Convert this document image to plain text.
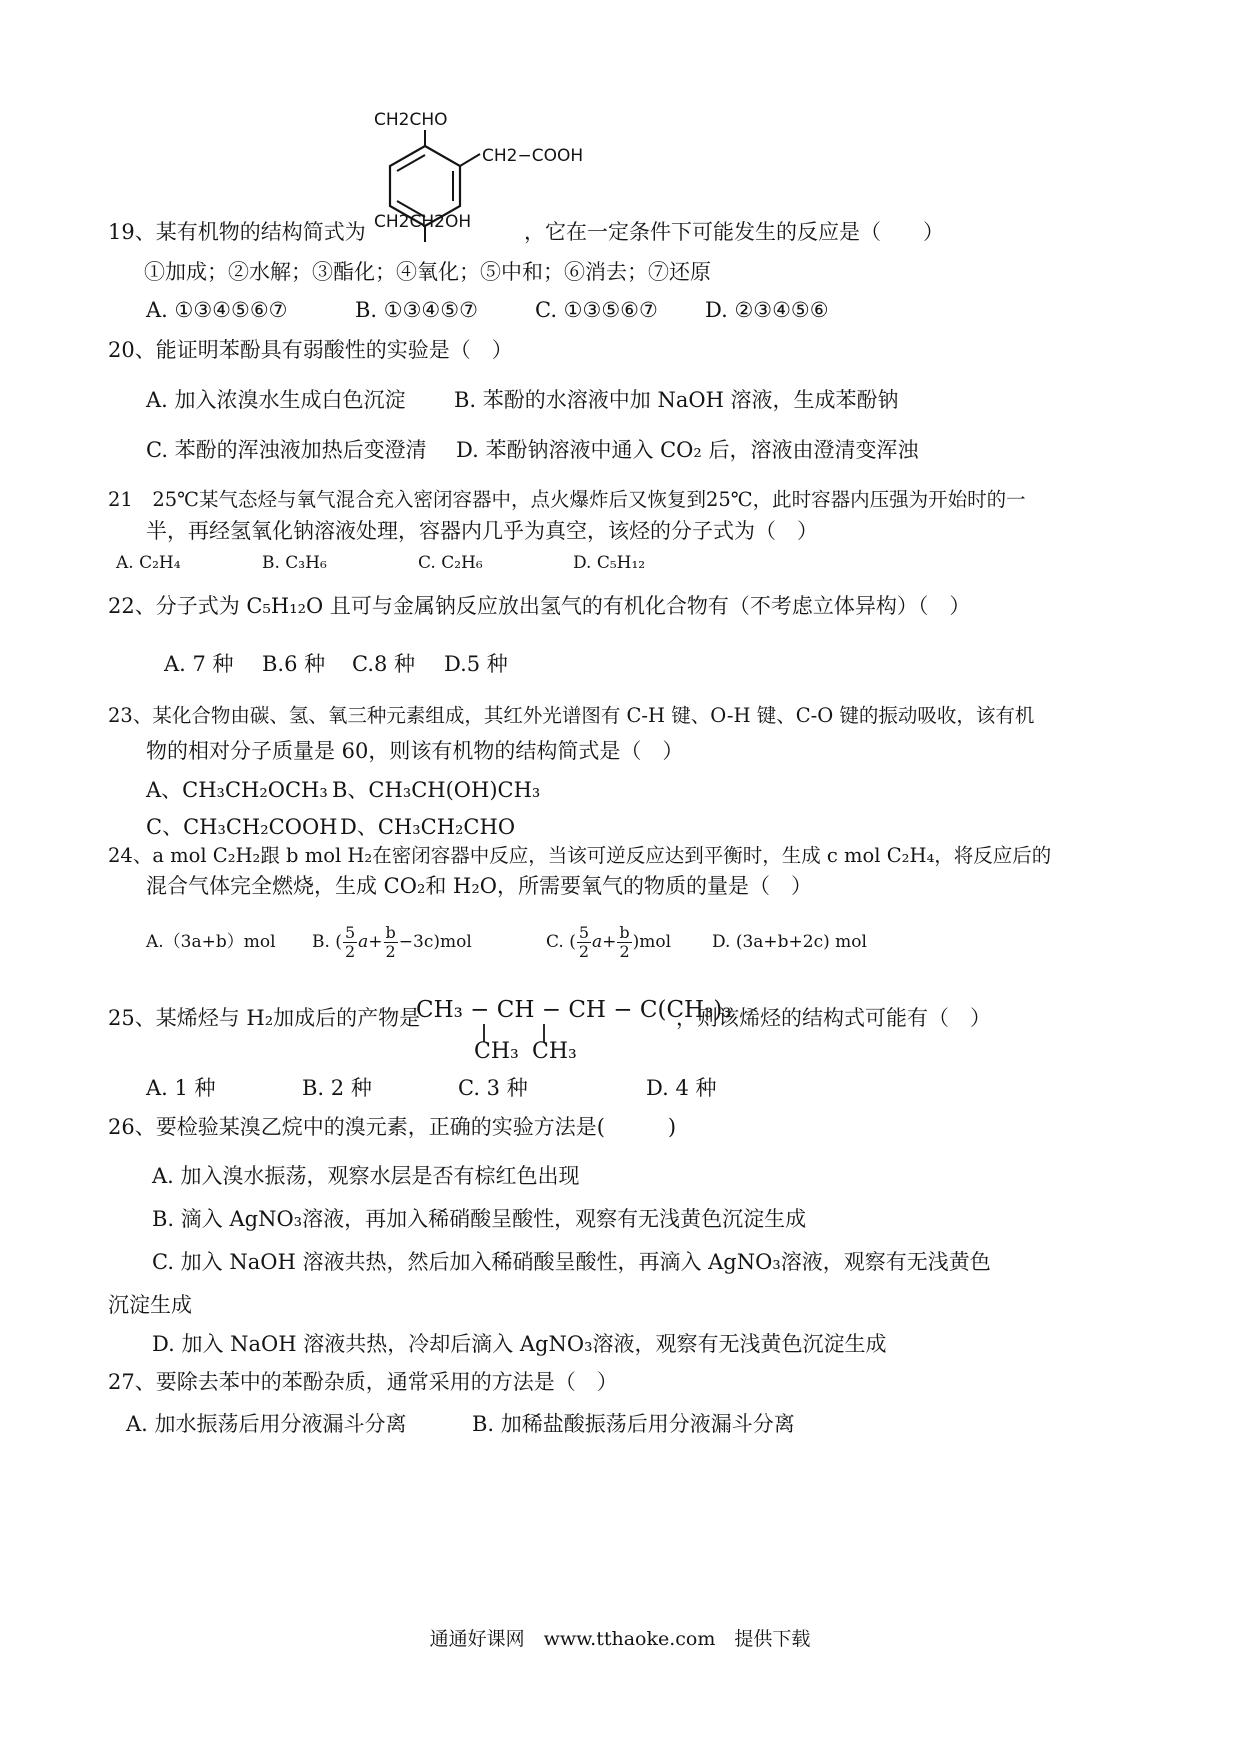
CH2CHO
CH2−COOH
CH2CH2OH
19、某有机物的结构简式为	，它在一定条件下可能发生的反应是（　　）
①加成；②水解；③酯化；④氧化；⑤中和；⑥消去；⑦还原
A. ①③④⑤⑥⑦	B. ①③④⑤⑦	C. ①③⑤⑥⑦ D. ②③④⑤⑥
20、能证明苯酚具有弱酸性的实验是（　）
A. 加入浓溴水生成白色沉淀 B. 苯酚的水溶液中加 NaOH 溶液，生成苯酚钠
C. 苯酚的浑浊液加热后变澄清 D. 苯酚钠溶液中通入 CO₂ 后，溶液由澄清变浑浊
21　25℃某气态烃与氧气混合充入密闭容器中，点火爆炸后又恢复到25℃，此时容器内压强为开始时的一
半，再经氢氧化钠溶液处理，容器内几乎为真空，该烃的分子式为（　）
A. C₂H₄	B. C₃H₆	C. C₂H₆	D. C₅H₁₂
22、分子式为 C₅H₁₂O 且可与金属钠反应放出氢气的有机化合物有（不考虑立体异构）（　）
A. 7 种 B.6 种 C.8 种 D.5 种
23、某化合物由碳、氢、氧三种元素组成，其红外光谱图有 C-H 键、O-H 键、C-O 键的振动吸收，该有机
物的相对分子质量是 60，则该有机物的结构简式是（　）
A、CH₃CH₂OCH₃ B、CH₃CH(OH)CH₃
C、CH₃CH₂COOH D、CH₃CH₂CHO
24、a mol C₂H₂跟 b mol H₂在密闭容器中反应，当该可逆反应达到平衡时，生成 c mol C₂H₄，将反应后的
混合气体完全燃烧，生成 CO₂和 H₂O，所需要氧气的物质的量是（　）
A.（3a+b）mol B. ( $\frac{5}{2} a+ \frac{b}{2} -3c)mol$	C. ( $\frac{5}{2} a+ \frac{b}{2} )mol$ D. (3a+b+2c) mol
25、某烯烃与 H₂加成后的产物是
CH₃ − CH − CH − C(CH₃)₃
CH₃ CH₃
，则该烯烃的结构式可能有（　）
A. 1 种	B. 2 种	C. 3 种	D. 4 种
26、要检验某溴乙烷中的溴元素，正确的实验方法是(　　　)
A. 加入溴水振荡，观察水层是否有棕红色出现
B. 滴入 AgNO₃溶液，再加入稀硝酸呈酸性，观察有无浅黄色沉淀生成
C. 加入 NaOH 溶液共热，然后加入稀硝酸呈酸性，再滴入 AgNO₃溶液，观察有无浅黄色
沉淀生成
D. 加入 NaOH 溶液共热，冷却后滴入 AgNO₃溶液，观察有无浅黄色沉淀生成
27、要除去苯中的苯酚杂质，通常采用的方法是（　）
A. 加水振荡后用分液漏斗分离	B. 加稀盐酸振荡后用分液漏斗分离
通通好课网　www.tthaoke.com　提供下载
